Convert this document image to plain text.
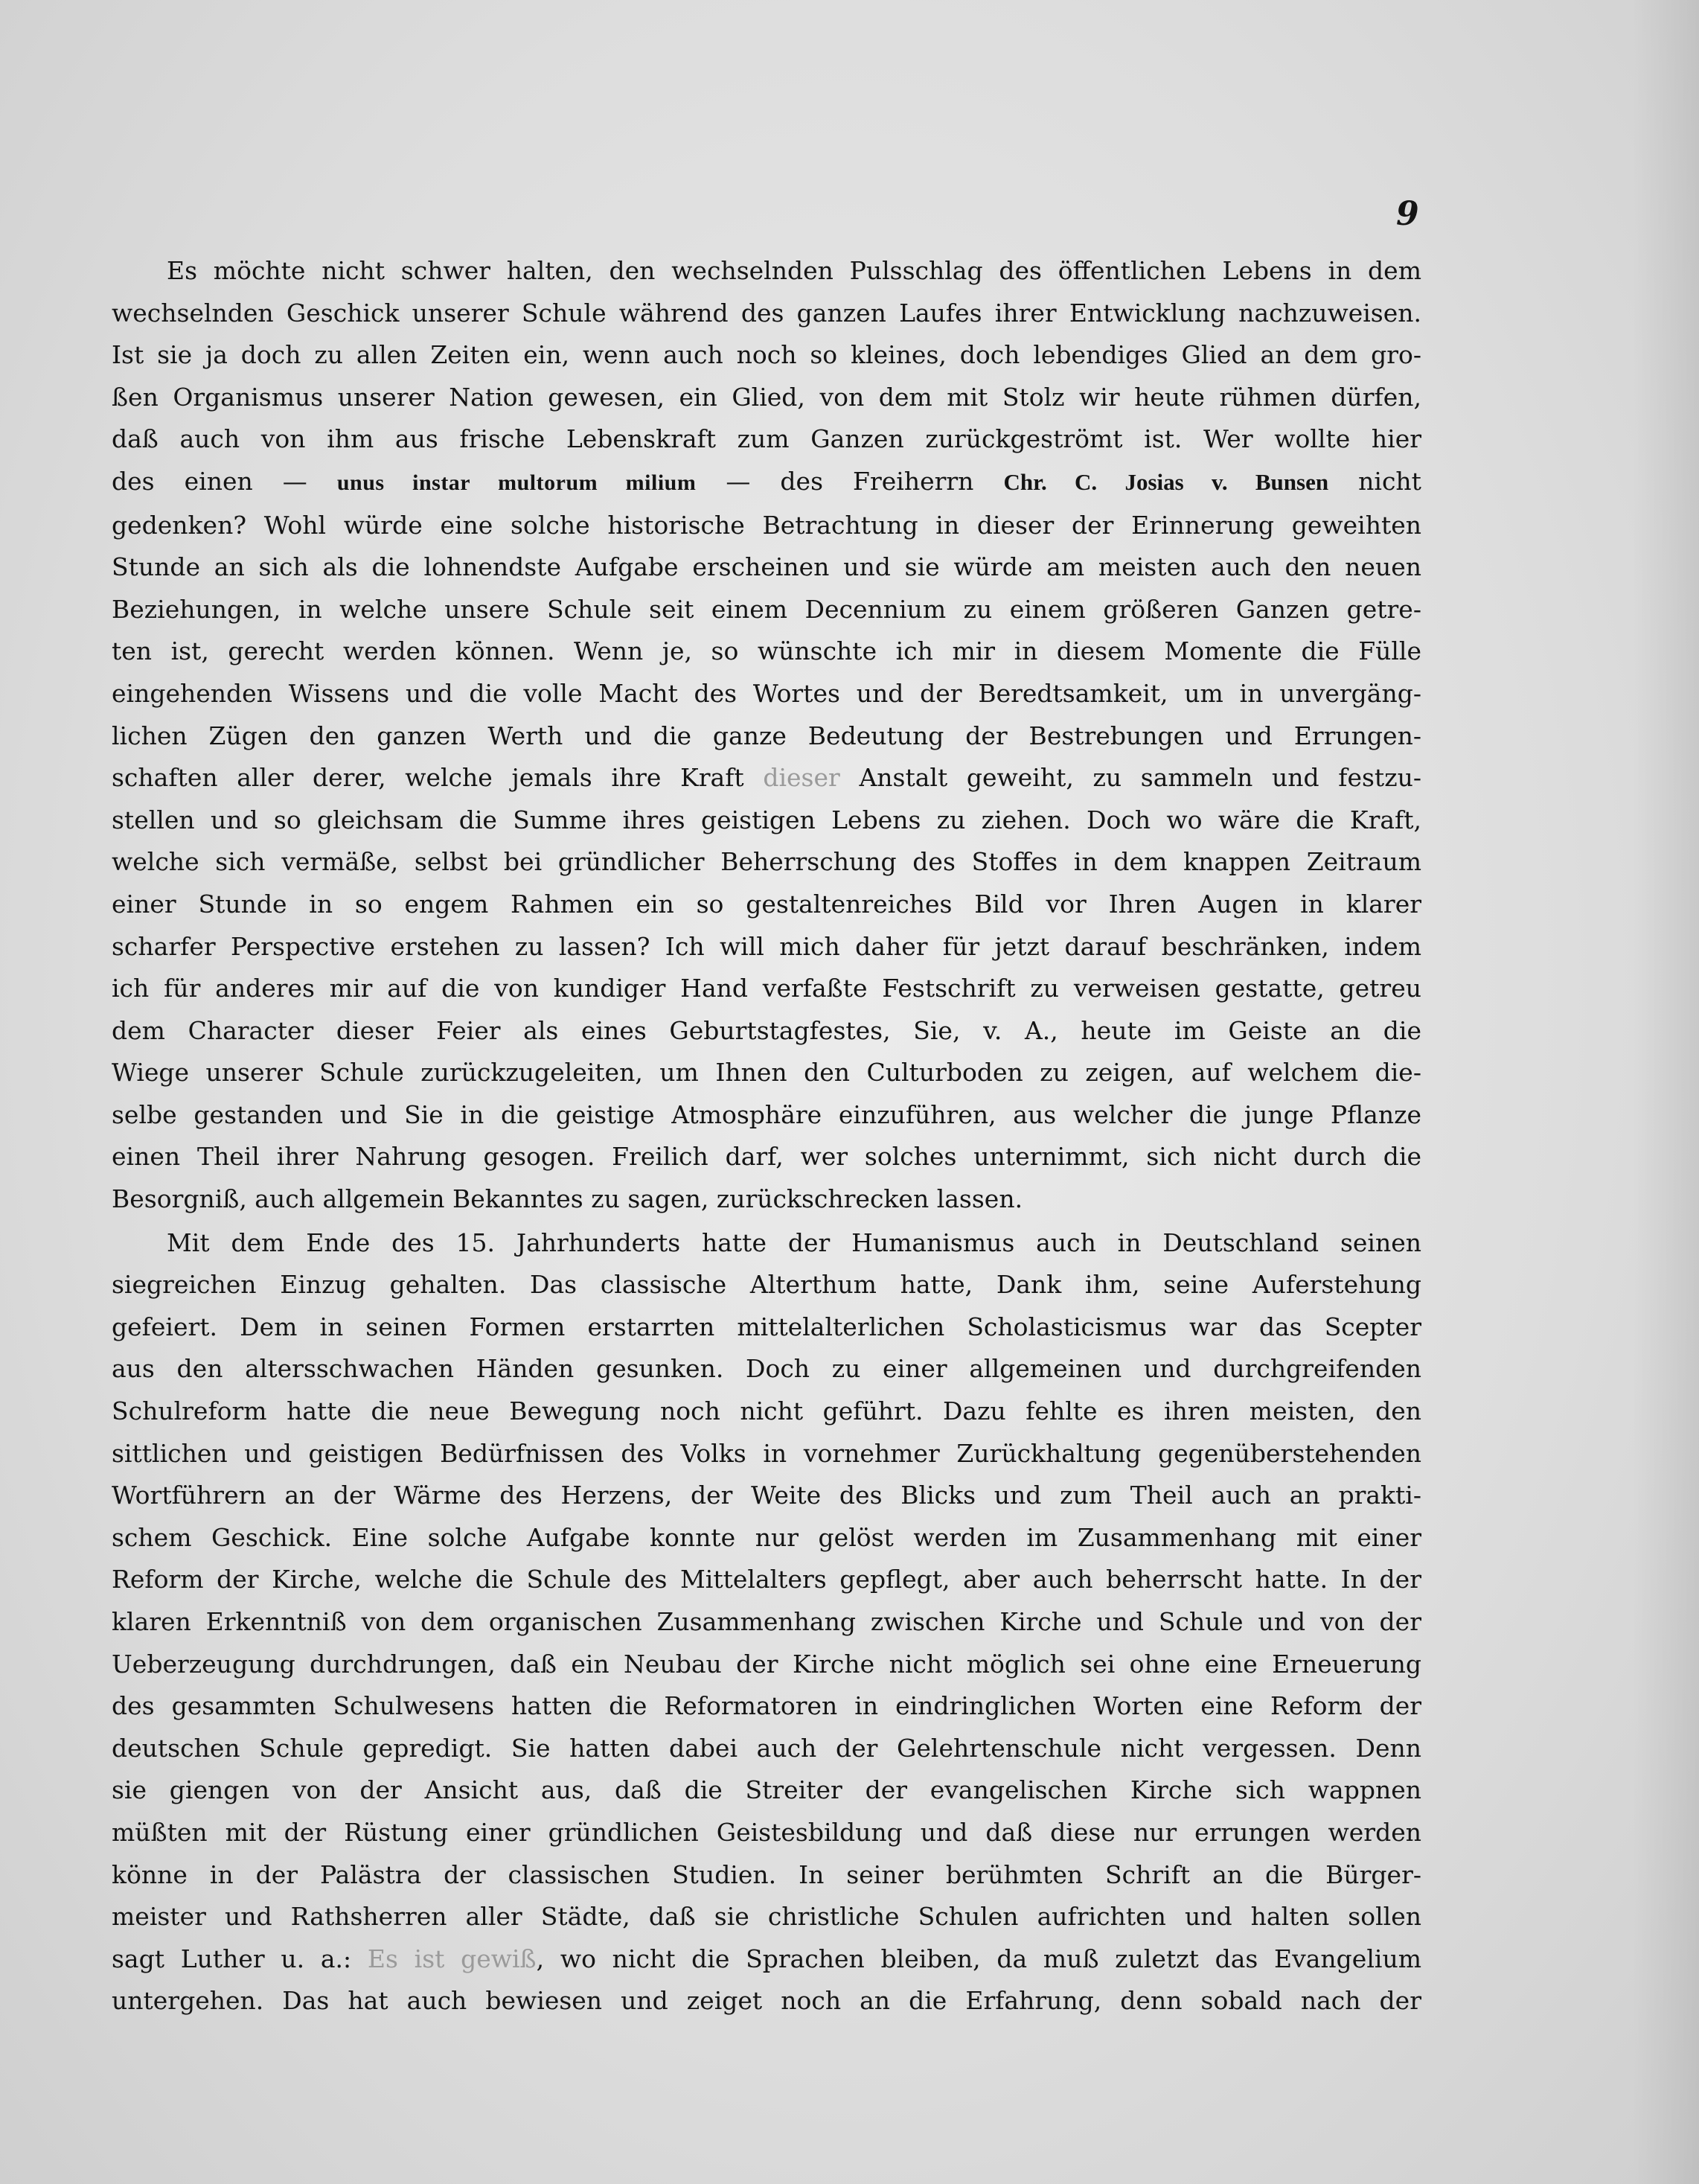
9
Es möchte nicht schwer halten, den wechselnden Pulsschlag des öffentlichen Lebens in dem
wechselnden Geschick unserer Schule während des ganzen Laufes ihrer Entwicklung nachzuweisen.
Ist sie ja doch zu allen Zeiten ein, wenn auch noch so kleines, doch lebendiges Glied an dem gro-
ßen Organismus unserer Nation gewesen, ein Glied, von dem mit Stolz wir heute rühmen dürfen,
daß auch von ihm aus frische Lebenskraft zum Ganzen zurückgeströmt ist. Wer wollte hier
des einen — unus instar multorum milium — des Freiherrn Chr. C. Josias v. Bunsen nicht
gedenken? Wohl würde eine solche historische Betrachtung in dieser der Erinnerung geweihten
Stunde an sich als die lohnendste Aufgabe erscheinen und sie würde am meisten auch den neuen
Beziehungen, in welche unsere Schule seit einem Decennium zu einem größeren Ganzen getre-
ten ist, gerecht werden können. Wenn je, so wünschte ich mir in diesem Momente die Fülle
eingehenden Wissens und die volle Macht des Wortes und der Beredtsamkeit, um in unvergäng-
lichen Zügen den ganzen Werth und die ganze Bedeutung der Bestrebungen und Errungen-
schaften aller derer, welche jemals ihre Kraft dieser Anstalt geweiht, zu sammeln und festzu-
stellen und so gleichsam die Summe ihres geistigen Lebens zu ziehen. Doch wo wäre die Kraft,
welche sich vermäße, selbst bei gründlicher Beherrschung des Stoffes in dem knappen Zeitraum
einer Stunde in so engem Rahmen ein so gestaltenreiches Bild vor Ihren Augen in klarer
scharfer Perspective erstehen zu lassen? Ich will mich daher für jetzt darauf beschränken, indem
ich für anderes mir auf die von kundiger Hand verfaßte Festschrift zu verweisen gestatte, getreu
dem Character dieser Feier als eines Geburtstagfestes, Sie, v. A., heute im Geiste an die
Wiege unserer Schule zurückzugeleiten, um Ihnen den Culturboden zu zeigen, auf welchem die-
selbe gestanden und Sie in die geistige Atmosphäre einzuführen, aus welcher die junge Pflanze
einen Theil ihrer Nahrung gesogen. Freilich darf, wer solches unternimmt, sich nicht durch die
Besorgniß, auch allgemein Bekanntes zu sagen, zurückschrecken lassen.
Mit dem Ende des 15. Jahrhunderts hatte der Humanismus auch in Deutschland seinen
siegreichen Einzug gehalten. Das classische Alterthum hatte, Dank ihm, seine Auferstehung
gefeiert. Dem in seinen Formen erstarrten mittelalterlichen Scholasticismus war das Scepter
aus den altersschwachen Händen gesunken. Doch zu einer allgemeinen und durchgreifenden
Schulreform hatte die neue Bewegung noch nicht geführt. Dazu fehlte es ihren meisten, den
sittlichen und geistigen Bedürfnissen des Volks in vornehmer Zurückhaltung gegenüberstehenden
Wortführern an der Wärme des Herzens, der Weite des Blicks und zum Theil auch an prakti-
schem Geschick. Eine solche Aufgabe konnte nur gelöst werden im Zusammenhang mit einer
Reform der Kirche, welche die Schule des Mittelalters gepflegt, aber auch beherrscht hatte. In der
klaren Erkenntniß von dem organischen Zusammenhang zwischen Kirche und Schule und von der
Ueberzeugung durchdrungen, daß ein Neubau der Kirche nicht möglich sei ohne eine Erneuerung
des gesammten Schulwesens hatten die Reformatoren in eindringlichen Worten eine Reform der
deutschen Schule gepredigt. Sie hatten dabei auch der Gelehrtenschule nicht vergessen. Denn
sie giengen von der Ansicht aus, daß die Streiter der evangelischen Kirche sich wappnen
müßten mit der Rüstung einer gründlichen Geistesbildung und daß diese nur errungen werden
könne in der Palästra der classischen Studien. In seiner berühmten Schrift an die Bürger-
meister und Rathsherren aller Städte, daß sie christliche Schulen aufrichten und halten sollen
sagt Luther u. a.: Es ist gewiß, wo nicht die Sprachen bleiben, da muß zuletzt das Evangelium
untergehen. Das hat auch bewiesen und zeiget noch an die Erfahrung, denn sobald nach der
